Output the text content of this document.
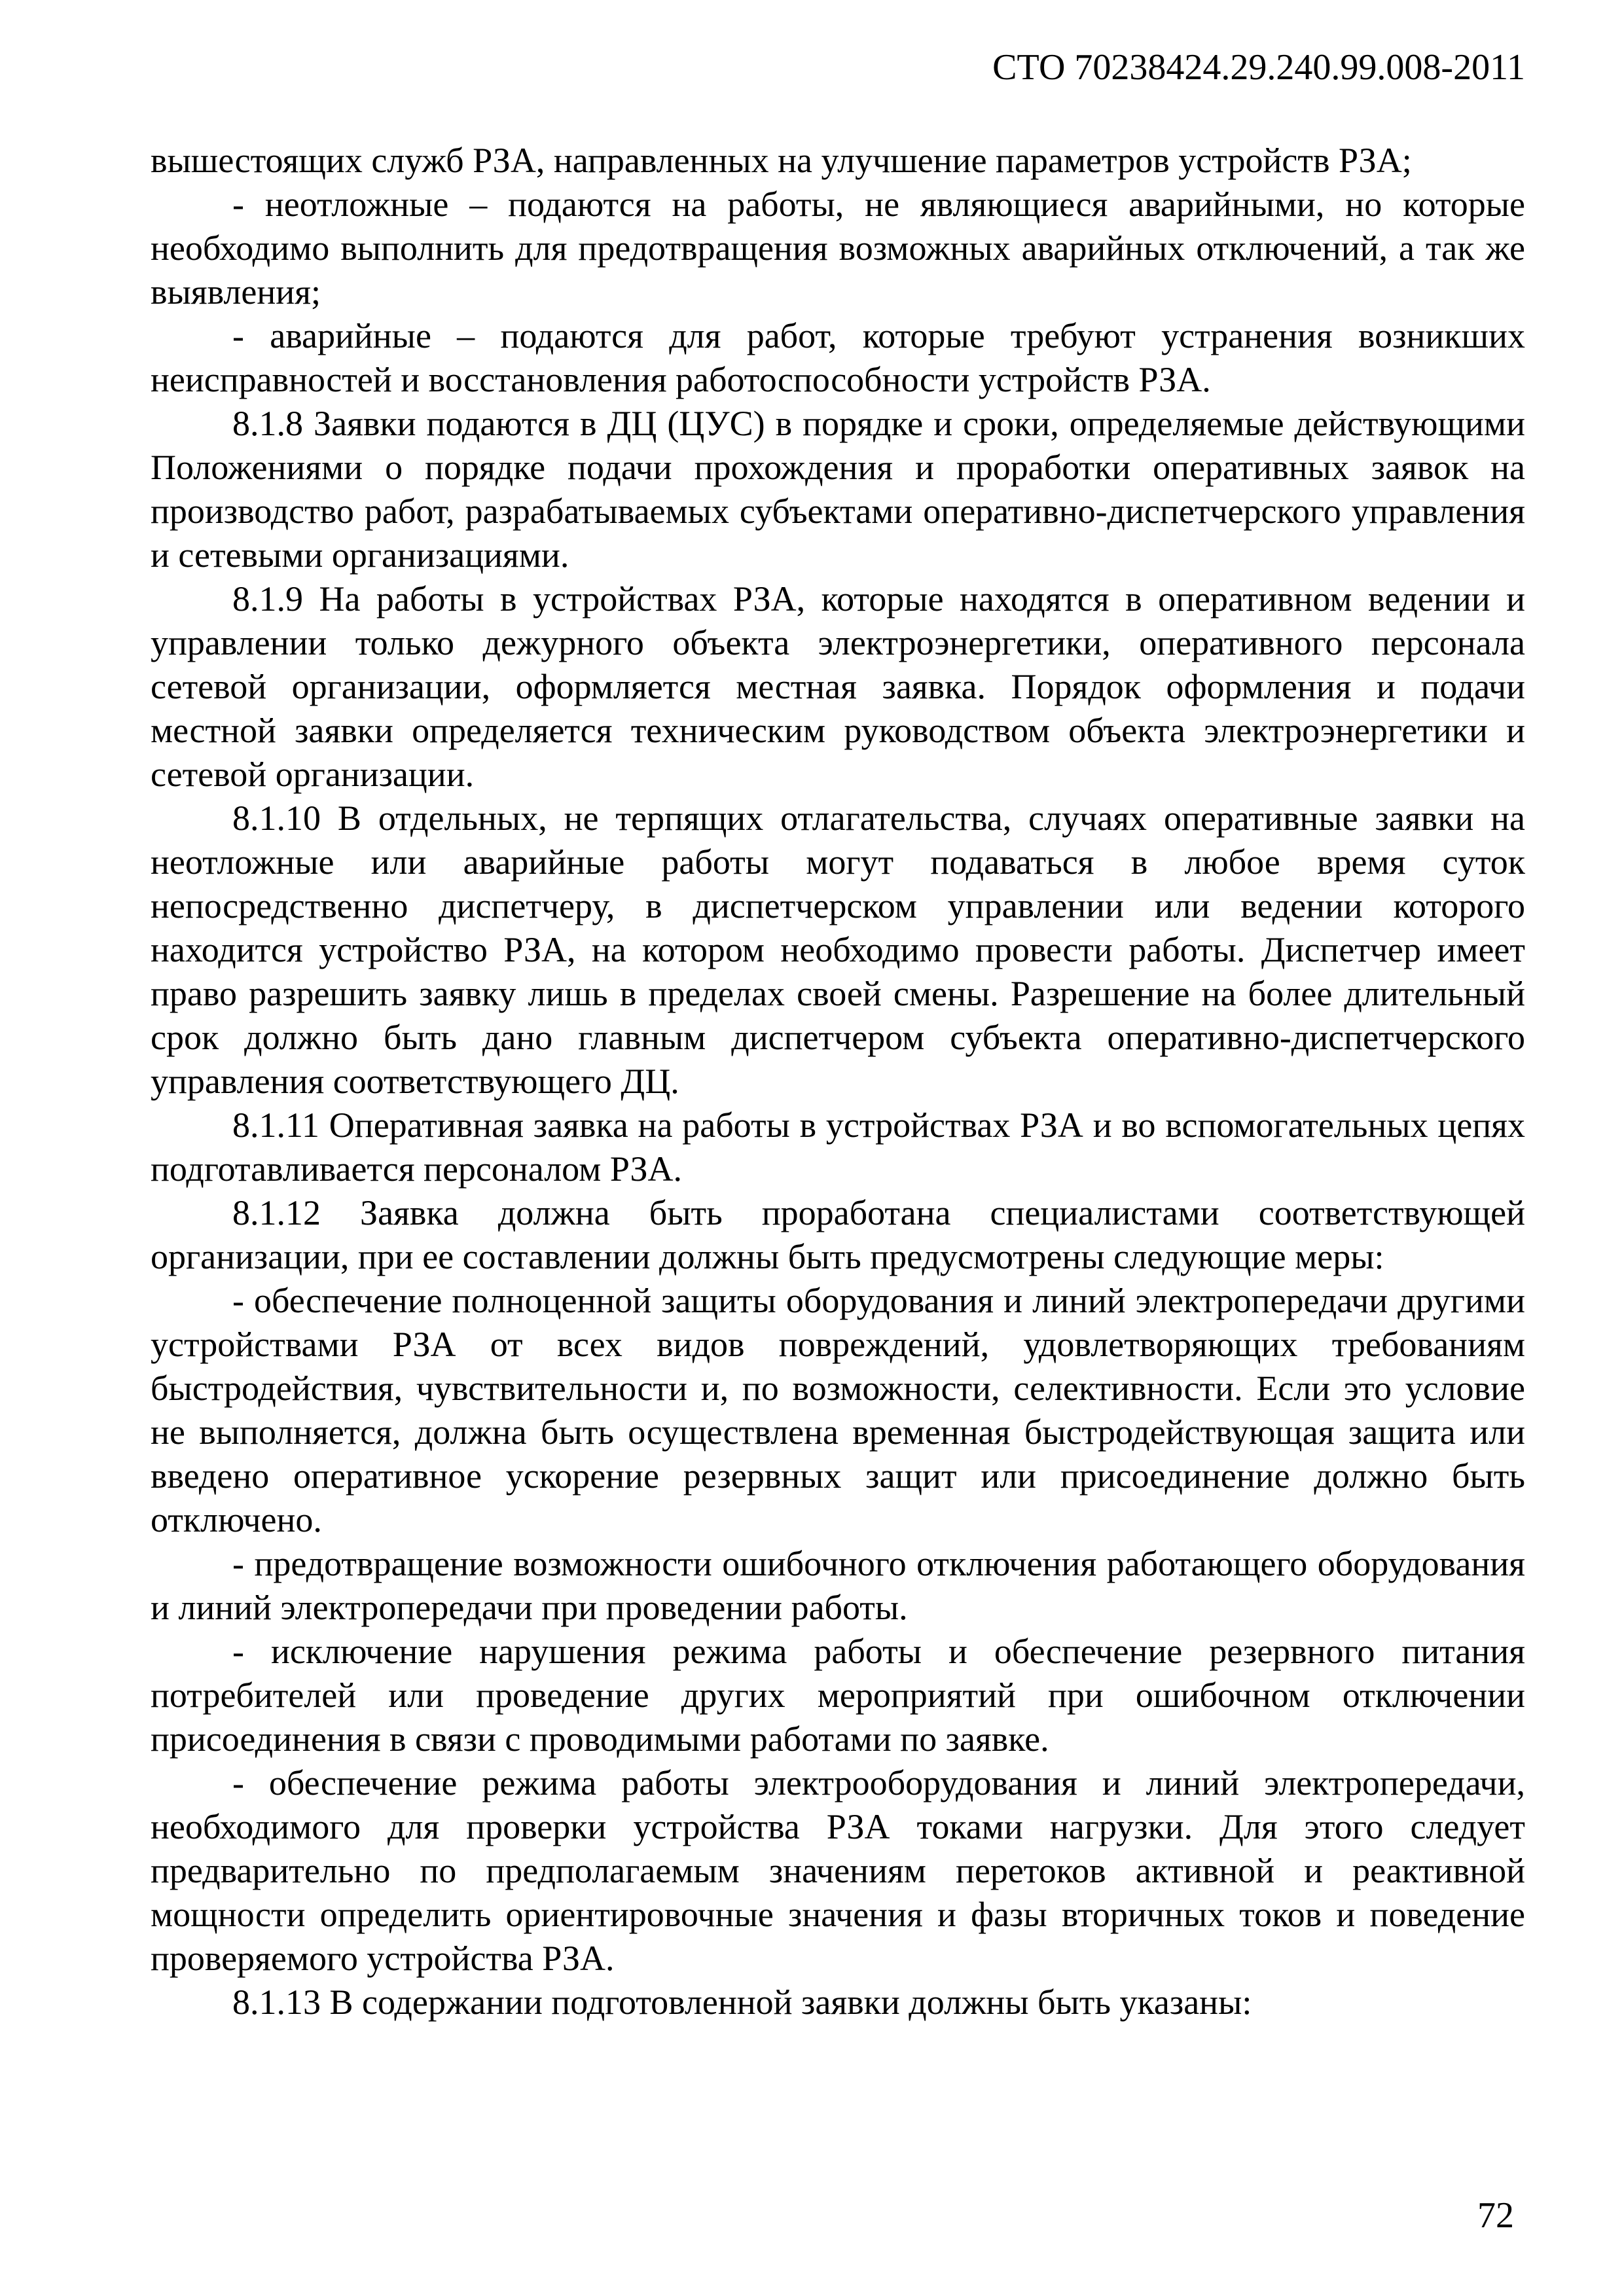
СТО 70238424.29.240.99.008-2011

вышестоящих служб РЗА, направленных на улучшение параметров устройств РЗА;

- неотложные – подаются на работы, не являющиеся аварийными, но которые необходимо выполнить для предотвращения возможных аварийных отключений, а так же выявления;

- аварийные – подаются для работ, которые требуют устранения возникших неисправностей и восстановления работоспособности устройств РЗА.

8.1.8 Заявки подаются в ДЦ (ЦУС) в порядке и сроки, определяемые действующими Положениями о порядке подачи прохождения и проработки оперативных заявок на производство работ, разрабатываемых субъектами оперативно-диспетчерского управления и сетевыми организациями.

8.1.9 На работы в устройствах РЗА, которые находятся в оперативном ведении и управлении только дежурного объекта электроэнергетики, оперативного персонала сетевой организации, оформляется местная заявка. Порядок оформления и подачи местной заявки определяется техническим руководством объекта электроэнергетики и сетевой организации.

8.1.10 В отдельных, не терпящих отлагательства, случаях оперативные заявки на неотложные или аварийные работы могут подаваться в любое время суток непосредственно диспетчеру, в диспетчерском управлении или ведении которого находится устройство РЗА, на котором необходимо провести работы. Диспетчер имеет право разрешить заявку лишь в пределах своей смены. Разрешение на более длительный срок должно быть дано главным диспетчером субъекта оперативно-диспетчерского управления соответствующего ДЦ.

8.1.11 Оперативная заявка на работы в устройствах РЗА и во вспомогательных цепях подготавливается персоналом РЗА.

8.1.12 Заявка должна быть проработана специалистами соответствующей организации, при ее составлении должны быть предусмотрены следующие меры:

- обеспечение полноценной защиты оборудования и линий электропередачи другими устройствами РЗА от всех видов повреждений, удовлетворяющих требованиям быстродействия, чувствительности и, по возможности, селективности. Если это условие не выполняется, должна быть осуществлена временная быстродействующая защита или введено оперативное ускорение резервных защит или присоединение должно быть отключено.

- предотвращение возможности ошибочного отключения работающего оборудования и линий электропередачи при проведении работы.

- исключение нарушения режима работы и обеспечение резервного питания потребителей или проведение других мероприятий при ошибочном отключении присоединения в связи с проводимыми работами по заявке.

- обеспечение режима работы электрооборудования и линий электропередачи, необходимого для проверки устройства РЗА токами нагрузки. Для этого следует предварительно по предполагаемым значениям перетоков активной и реактивной мощности определить ориентировочные значения и фазы вторичных токов и поведение проверяемого устройства РЗА.

8.1.13 В содержании подготовленной заявки должны быть указаны:

72
